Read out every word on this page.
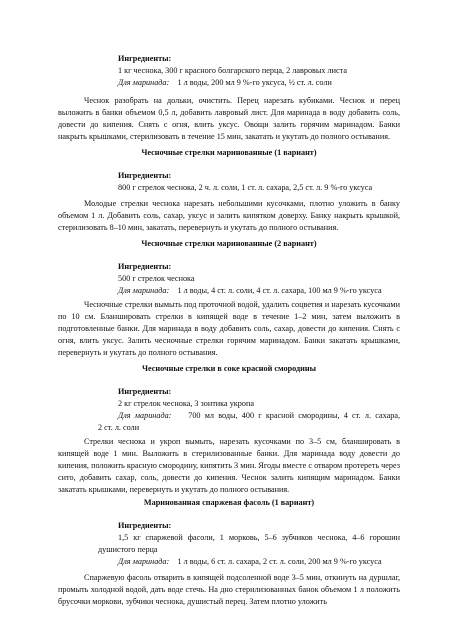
Ингредиенты:
1 кг чеснока, 300 г красного болгарского перца, 2 лавровых листа
Для маринада: 1 л воды, 200 мл 9 %-го уксуса, ½ ст. л. соли

Чеснок разобрать на дольки, очистить. Перец нарезать кубиками. Чеснок и перец выложить в банки объемом 0,5 л, добавить лавровый лист. Для маринада в воду добавить соль, довести до кипения. Снять с огня, влить уксус. Овощи залить горячим маринадом. Банки накрыть крышками, стерилизовать в течение 15 мин, закатать и укутать до полного остывания.

Чесночные стрелки маринованные (1 вариант)
Ингредиенты:
800 г стрелок чеснока, 2 ч. л. соли, 1 ст. л. сахара, 2,5 ст. л. 9 %-го уксуса

Молодые стрелки чеснока нарезать небольшими кусочками, плотно уложить в банку объемом 1 л. Добавить соль, сахар, уксус и залить кипятком доверху. Банку накрыть крышкой, стерилизовать 8–10 мин, закатать, перевернуть и укутать до полного остывания.

Чесночные стрелки маринованные (2 вариант)
Ингредиенты:
500 г стрелок чеснока
Для маринада: 1 л воды, 4 ст. л. соли, 4 ст. л. сахара, 100 мл 9 %-го уксуса

Чесночные стрелки вымыть под проточной водой, удалить соцветия и нарезать кусочками по 10 см. Бланшировать стрелки в кипящей воде в течение 1–2 мин, затем выложить в подготовленные банки. Для маринада в воду добавить соль, сахар, довести до кипения. Снять с огня, влить уксус. Залить чесночные стрелки горячим маринадом. Банки закатать крышками, перевернуть и укутать до полного остывания.

Чесночные стрелки в соке красной смородины
Ингредиенты:
2 кг стрелок чеснока, 3 зонтика укропа
Для маринада: 700 мл воды, 400 г красной смородины, 4 ст. л. сахара,
2 ст. л. соли

Стрелки чеснока и укроп вымыть, нарезать кусочками по 3–5 см, бланшировать в кипящей воде 1 мин. Выложить в стерилизованные банки. Для маринада воду довести до кипения, положить красную смородину, кипятить 3 мин. Ягоды вместе с отваром протереть через сито, добавить сахар, соль, довести до кипения. Чеснок залить кипящим маринадом. Банки закатать крышками, перевернуть и укутать до полного остывания.

Маринованная спаржевая фасоль (1 вариант)
Ингредиенты:
1,5 кг спаржевой фасоли, 1 морковь, 5–6 зубчиков чеснока, 4–6 горошин
душистого перца
Для маринада: 1 л воды, 6 ст. л. сахара, 2 ст. л. соли, 200 мл 9 %-го уксуса

Спаржевую фасоль отварить в кипящей подсоленной воде 3–5 мин, откинуть на дуршлаг, промыть холодной водой, дать воде стечь. На дно стерилизованных банок объемом 1 л положить брусочки моркови, зубчики чеснока, душистый перец. Затем плотно уложить
